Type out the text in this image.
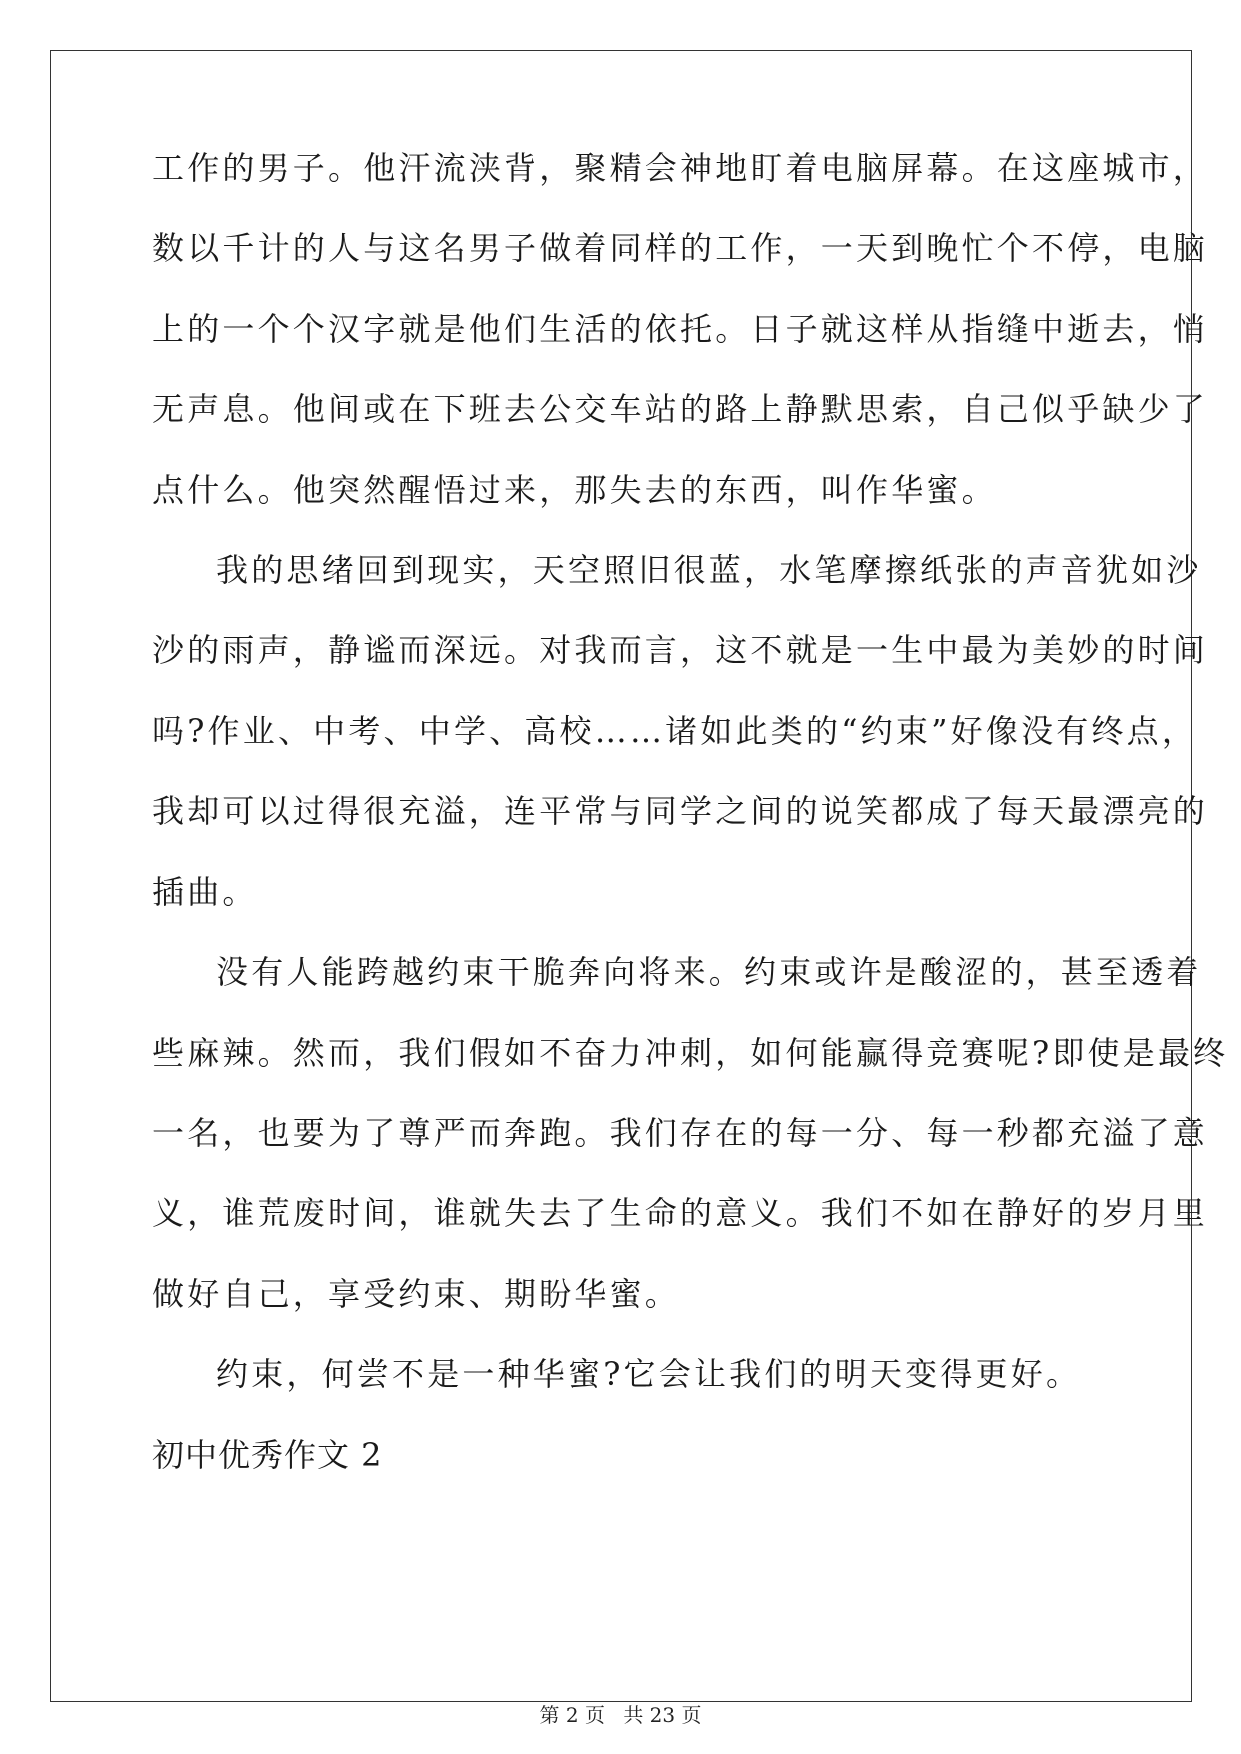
工作的男子。他汗流浃背，聚精会神地盯着电脑屏幕。在这座城市，
数以千计的人与这名男子做着同样的工作，一天到晚忙个不停，电脑
上的一个个汉字就是他们生活的依托。日子就这样从指缝中逝去，悄
无声息。他间或在下班去公交车站的路上静默思索，自己似乎缺少了
点什么。他突然醒悟过来，那失去的东西，叫作华蜜。
我的思绪回到现实，天空照旧很蓝，水笔摩擦纸张的声音犹如沙
沙的雨声，静谧而深远。对我而言，这不就是一生中最为美妙的时间
吗?作业、中考、中学、高校……诸如此类的“约束”好像没有终点，
我却可以过得很充溢，连平常与同学之间的说笑都成了每天最漂亮的
插曲。
没有人能跨越约束干脆奔向将来。约束或许是酸涩的，甚至透着
些麻辣。然而，我们假如不奋力冲刺，如何能赢得竞赛呢?即使是最终
一名，也要为了尊严而奔跑。我们存在的每一分、每一秒都充溢了意
义，谁荒废时间，谁就失去了生命的意义。我们不如在静好的岁月里
做好自己，享受约束、期盼华蜜。
约束，何尝不是一种华蜜?它会让我们的明天变得更好。
初中优秀作文 2
第 2 页 共 23 页
